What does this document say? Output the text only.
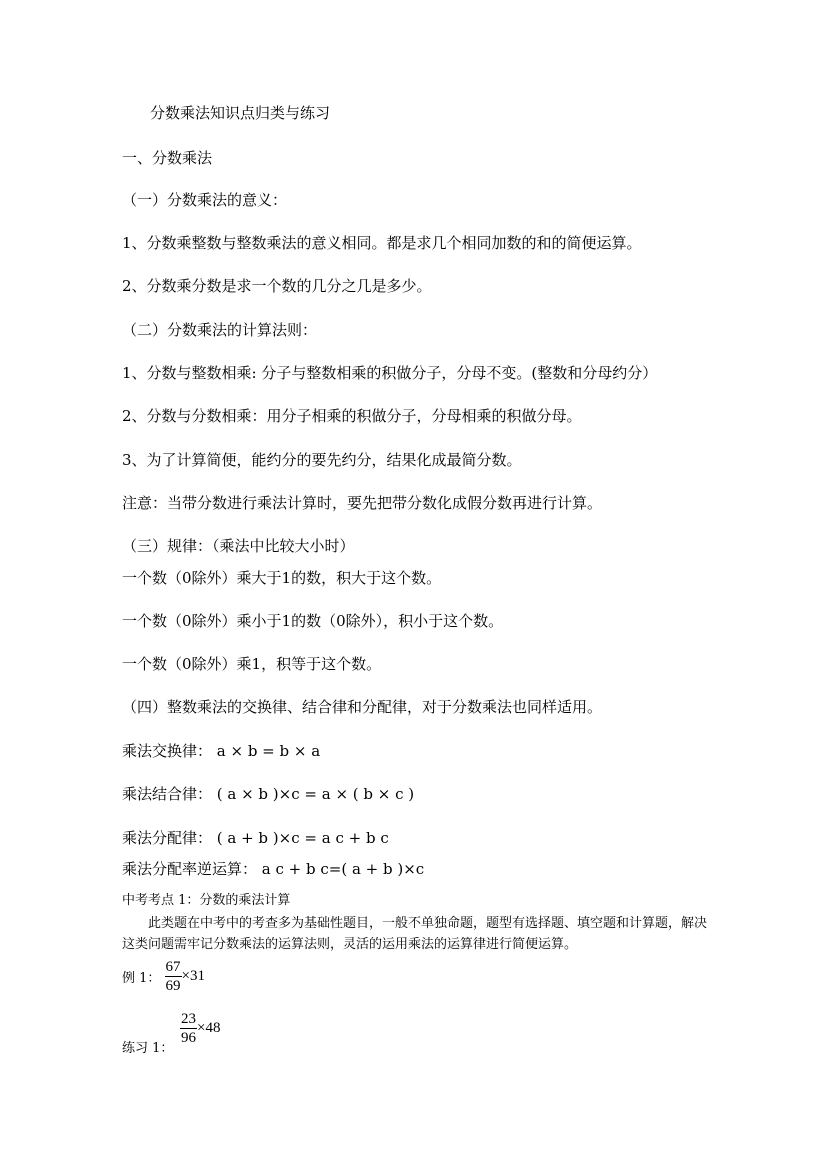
分数乘法知识点归类与练习
一、分数乘法
（一）分数乘法的意义：
1、分数乘整数与整数乘法的意义相同。都是求几个相同加数的和的简便运算。
2、分数乘分数是求一个数的几分之几是多少。
（二）分数乘法的计算法则：
1、分数与整数相乘: 分子与整数相乘的积做分子，分母不变。(整数和分母约分）
2、分数与分数相乘：用分子相乘的积做分子，分母相乘的积做分母。
3、为了计算简便，能约分的要先约分，结果化成最简分数。
注意：当带分数进行乘法计算时，要先把带分数化成假分数再进行计算。
（三）规律：（乘法中比较大小时）
一个数（0除外）乘大于1的数，积大于这个数。
一个数（0除外）乘小于1的数（0除外），积小于这个数。
一个数（0除外）乘1，积等于这个数。
（四）整数乘法的交换律、结合律和分配律，对于分数乘法也同样适用。
乘法交换律： a × b = b × a
乘法结合律： ( a × b )×c = a × ( b × c )
乘法分配律： ( a + b )×c = a c + b c
乘法分配率逆运算： a c + b c=( a + b )×c
中考考点 1：分数的乘法计算
此类题在中考中的考查多为基础性题目，一般不单独命题，题型有选择题、填空题和计算题，解决这类问题需牢记分数乘法的运算法则，灵活的运用乘法的运算律进行简便运算。
例 1： $\frac{67}{69} \times 31$
$\frac{23}{96} \times 48$
练习 1：
